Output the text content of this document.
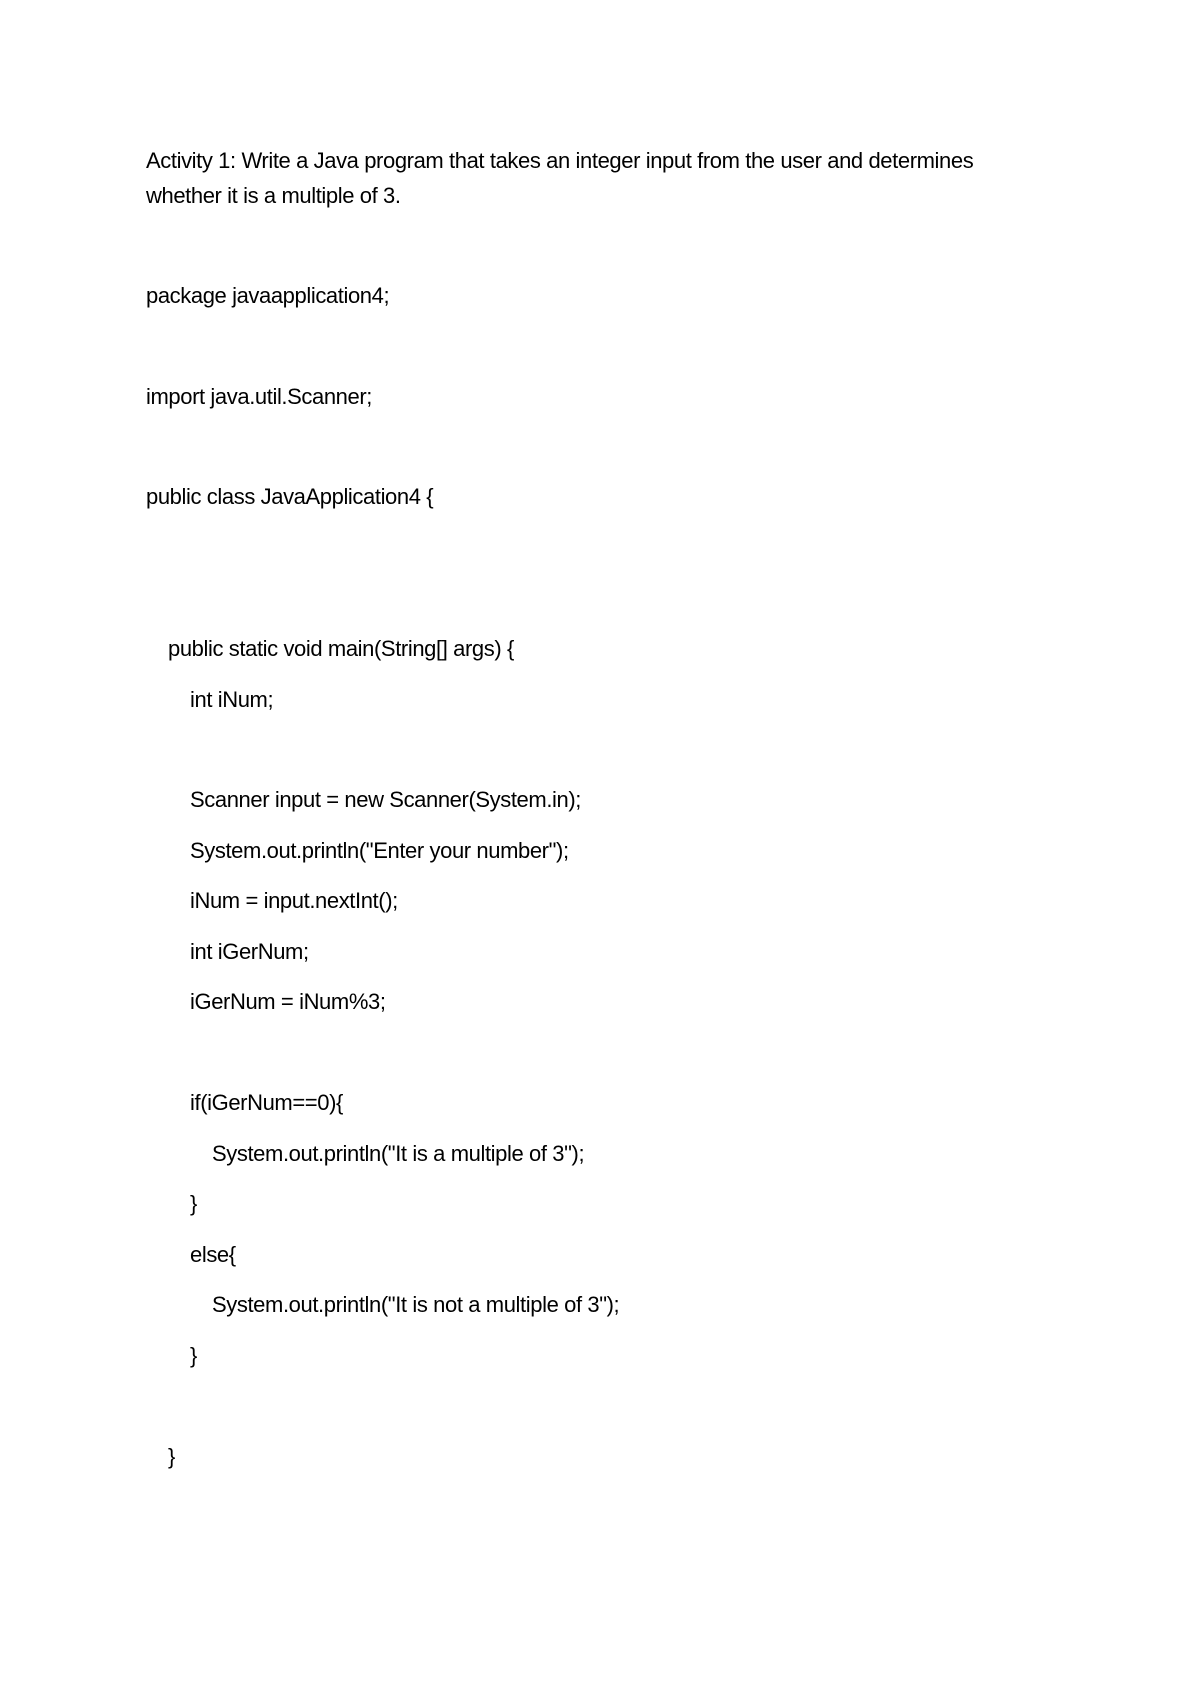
Activity 1: Write a Java program that takes an integer input from the user and determines
whether it is a multiple of 3.
package javaapplication4;
import java.util.Scanner;
public class JavaApplication4 {
public static void main(String[] args) {
int iNum;
Scanner input = new Scanner(System.in);
System.out.println("Enter your number");
iNum = input.nextInt();
int iGerNum;
iGerNum = iNum%3;
if(iGerNum==0){
System.out.println("It is a multiple of 3");
}
else{
System.out.println("It is not a multiple of 3");
}
}
